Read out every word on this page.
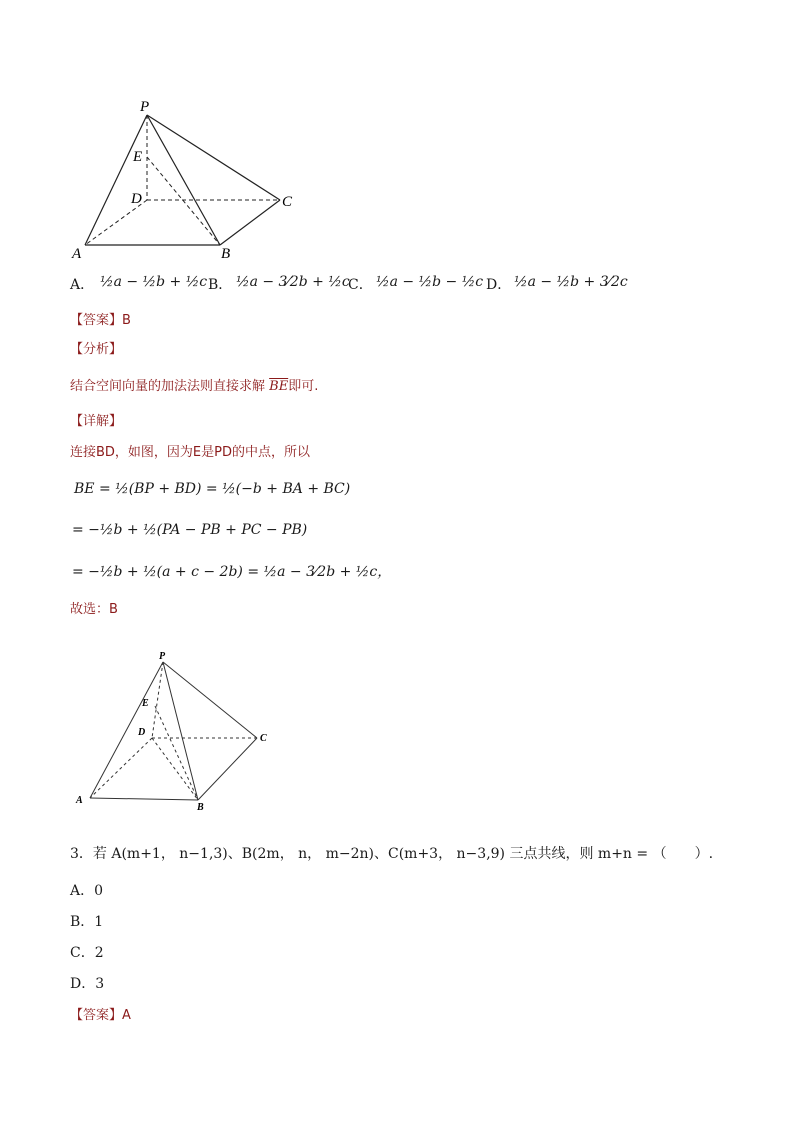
P
E
D	C
A	B
A． ½a − ½b + ½c B． ½a − 3⁄2b + ½c
C． ½a − ½b − ½c D． ½a − ½b + 3⁄2c
【答案】B
【分析】
结合空间向量的加法法则直接求解 $\overline{BE}$即可.
【详解】
连接BD，如图，因为E是PD的中点，所以
BE = ½(BP + BD) = ½(−b + BA + BC)
= −½b + ½(PA − PB + PC − PB)
= −½b + ½(a + c − 2b) = ½a − 3⁄2b + ½c，
故选：B
P
E
D
C
A
B
3．若 A(m+1， n−1,3)、B(2m， n， m−2n)、C(m+3， n−3,9) 三点共线，则 m+n = （　　）.
A．0
B．1
C．2
D．3
【答案】A
